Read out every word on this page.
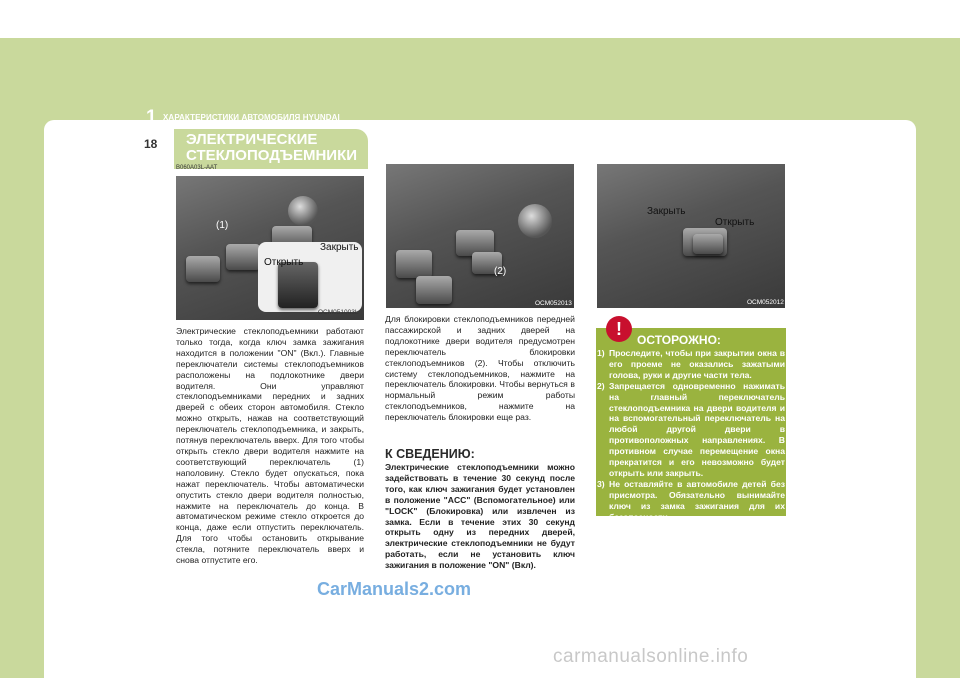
1 ХАРАКТЕРИСТИКИ АВТОМОБИЛЯ HYUNDAI
18 ЭЛЕКТРИЧЕСКИЕ
СТЕКЛОПОДЪЕМНИКИ
B060A03L-AAT
(1)
Открыть
Закрыть
OCM051003L
(2)
OCM052013
Закрыть
Открыть
OCM052012

Электрические стеклоподъемники работают только тогда, когда ключ замка зажигания находится в положении "ON" (Вкл.). Главные переключатели системы стеклоподъемников расположены на подлокотнике двери водителя. Они управляют стеклоподъемниками передних и задних дверей с обеих сторон автомобиля. Стекло можно открыть, нажав на соответствующий переключатель стеклоподъемника, и закрыть, потянув переключатель вверх. Для того чтобы открыть стекло двери водителя нажмите на соответствующий переключатель (1) наполовину. Стекло будет опускаться, пока нажат переключатель. Чтобы автоматически опустить стекло двери водителя полностью, нажмите на переключатель до конца. В автоматическом режиме стекло откроется до конца, даже если отпустить переключатель. Для того чтобы остановить открывание стекла, потяните переключатель вверх и снова отпустите его.

Для блокировки стеклоподъемников передней пассажирской и задних дверей на подлокотнике двери водителя предусмотрен переключатель блокировки стеклоподъемников (2). Чтобы отключить систему стеклоподъемников, нажмите на переключатель блокировки. Чтобы вернуться в нормальный режим работы стеклоподъемников, нажмите на переключатель блокировки еще раз.

К СВЕДЕНИЮ:
Электрические стеклоподъемники можно задействовать в течение 30 секунд после того, как ключ зажигания будет установлен в положение "ACC" (Вспомогательное) или "LOCK" (Блокировка) или извлечен из замка. Если в течение этих 30 секунд открыть одну из передних дверей, электрические стеклоподъемники не будут работать, если не установить ключ зажигания в положение "ON" (Вкл).
!
ОСТОРОЖНО:
1) Проследите, чтобы при закрытии окна в его проеме не оказались зажатыми голова, руки и другие части тела.
2) Запрещается одновременно нажимать на главный переключатель стеклоподъемника на двери водителя и на вспомогательный переключатель на любой другой двери в противоположных направлениях. В противном случае перемещение окна прекратится и его невозможно будет открыть или закрыть.
3) Не оставляйте в автомобиле детей без присмотра. Обязательно вынимайте ключ из замка зажигания для их безопасности.
CarManuals2.com
carmanualsonline.info
